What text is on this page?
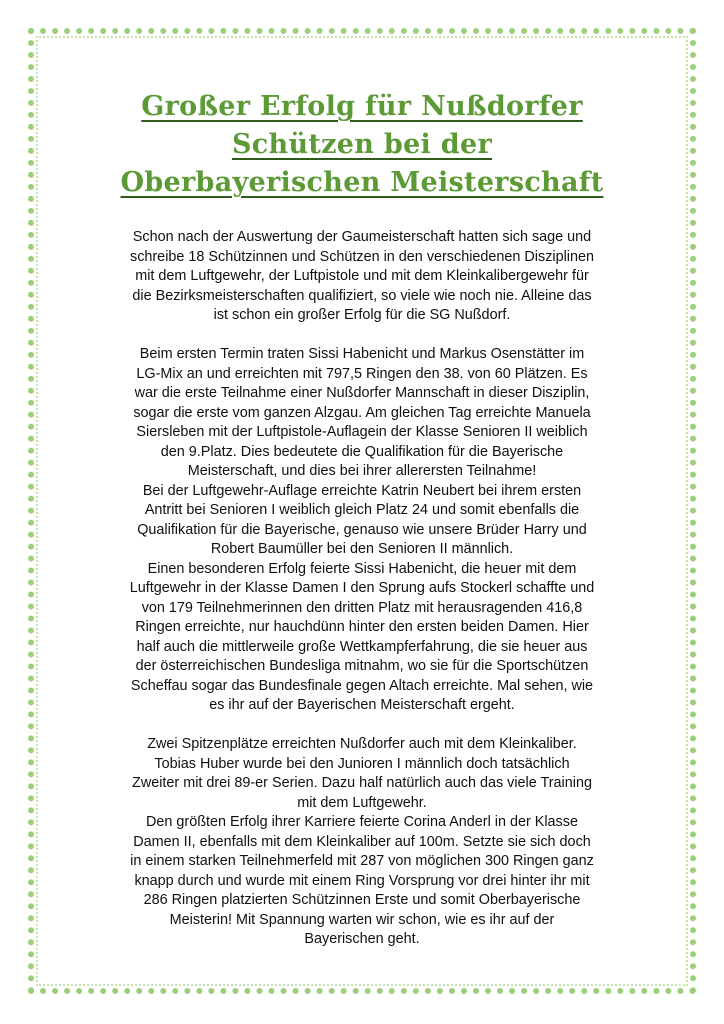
Großer Erfolg für Nußdorfer
Schützen bei der
Oberbayerischen Meisterschaft
Schon nach der Auswertung der Gaumeisterschaft hatten sich sage und
schreibe 18 Schützinnen und Schützen in den verschiedenen Disziplinen
mit dem Luftgewehr, der Luftpistole und mit dem Kleinkalibergewehr für
die Bezirksmeisterschaften qualifiziert, so viele wie noch nie. Alleine das
ist schon ein großer Erfolg für die SG Nußdorf.
Beim ersten Termin traten Sissi Habenicht und Markus Osenstätter im
LG-Mix an und erreichten mit 797,5 Ringen den 38. von 60 Plätzen. Es
war die erste Teilnahme einer Nußdorfer Mannschaft in dieser Disziplin,
sogar die erste vom ganzen Alzgau. Am gleichen Tag erreichte Manuela
Siersleben mit der Luftpistole-Auflagein der Klasse Senioren II weiblich
den 9.Platz. Dies bedeutete die Qualifikation für die Bayerische
Meisterschaft, und dies bei ihrer allerersten Teilnahme!
Bei der Luftgewehr-Auflage erreichte Katrin Neubert bei ihrem ersten
Antritt bei Senioren I weiblich gleich Platz 24 und somit ebenfalls die
Qualifikation für die Bayerische, genauso wie unsere Brüder Harry und
Robert Baumüller bei den Senioren II männlich.
Einen besonderen Erfolg feierte Sissi Habenicht, die heuer mit dem
Luftgewehr in der Klasse Damen I den Sprung aufs Stockerl schaffte und
von 179 Teilnehmerinnen den dritten Platz mit herausragenden 416,8
Ringen erreichte, nur hauchdünn hinter den ersten beiden Damen. Hier
half auch die mittlerweile große Wettkampferfahrung, die sie heuer aus
der österreichischen Bundesliga mitnahm, wo sie für die Sportschützen
Scheffau sogar das Bundesfinale gegen Altach erreichte. Mal sehen, wie
es ihr auf der Bayerischen Meisterschaft ergeht.
Zwei Spitzenplätze erreichten Nußdorfer auch mit dem Kleinkaliber.
Tobias Huber wurde bei den Junioren I männlich doch tatsächlich
Zweiter mit drei 89-er Serien. Dazu half natürlich auch das viele Training
mit dem Luftgewehr.
Den größten Erfolg ihrer Karriere feierte Corina Anderl in der Klasse
Damen II, ebenfalls mit dem Kleinkaliber auf 100m. Setzte sie sich doch
in einem starken Teilnehmerfeld mit 287 von möglichen 300 Ringen ganz
knapp durch und wurde mit einem Ring Vorsprung vor drei hinter ihr mit
286 Ringen platzierten Schützinnen Erste und somit Oberbayerische
Meisterin! Mit Spannung warten wir schon, wie es ihr auf der
Bayerischen geht.
